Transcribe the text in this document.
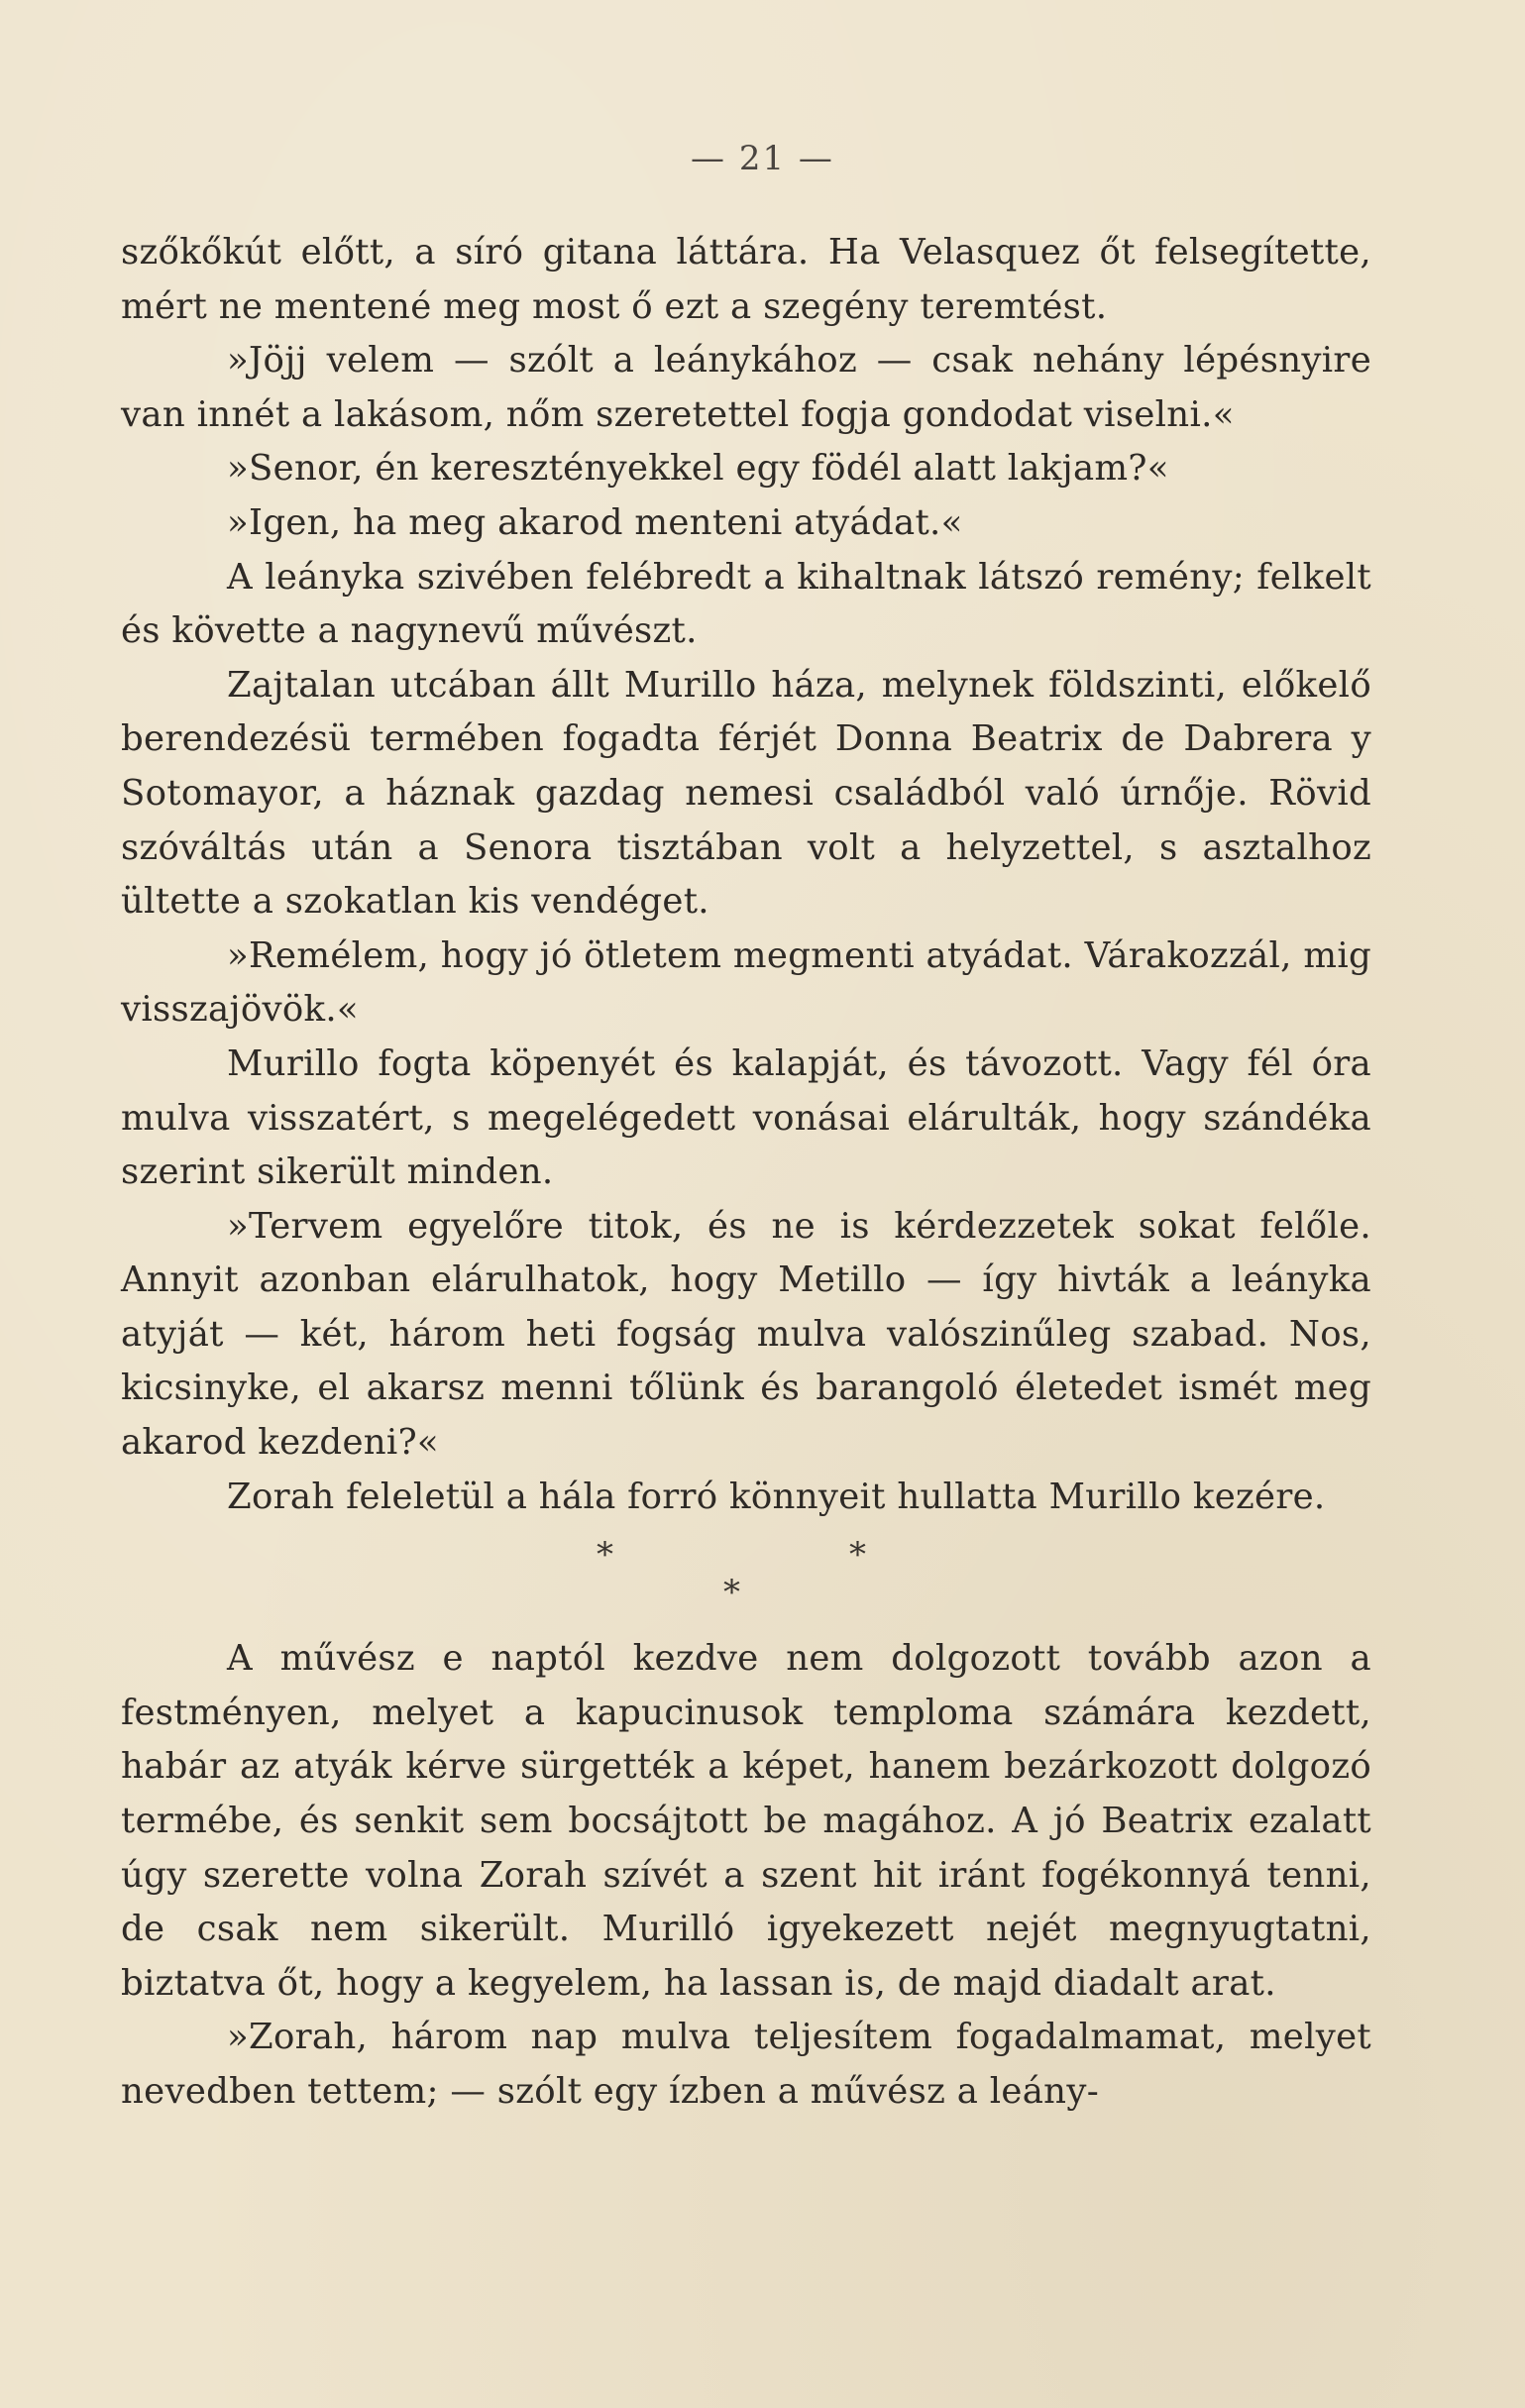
— 21 —

szőkőkút előtt, a síró gitana láttára. Ha Velasquez őt felsegítette, mért ne mentené meg most ő ezt a szegény teremtést.

»Jöjj velem — szólt a leánykához — csak nehány lépésnyire van innét a lakásom, nőm szeretettel fogja gondodat viselni.«

»Senor, én keresztényekkel egy födél alatt lakjam?«

»Igen, ha meg akarod menteni atyádat.«

A leányka szivében felébredt a kihaltnak látszó remény; felkelt és követte a nagynevű művészt.

Zajtalan utcában állt Murillo háza, melynek földszinti, előkelő berendezésü termében fogadta férjét Donna Beatrix de Dabrera y Sotomayor, a háznak gazdag nemesi családból való úrnője. Rövid szóváltás után a Senora tisztában volt a helyzettel, s asztalhoz ültette a szokatlan kis vendéget.

»Remélem, hogy jó ötletem megmenti atyádat. Várakozzál, mig visszajövök.«

Murillo fogta köpenyét és kalapját, és távozott. Vagy fél óra mulva visszatért, s megelégedett vonásai elárulták, hogy szándéka szerint sikerült minden.

»Tervem egyelőre titok, és ne is kérdezzetek sokat felőle. Annyit azonban elárulhatok, hogy Metillo — így hivták a leányka atyját — két, három heti fogság mulva valószinűleg szabad. Nos, kicsinyke, el akarsz menni tőlünk és barangoló életedet ismét meg akarod kezdeni?«

Zorah feleletül a hála forró könnyeit hullatta Murillo kezére.

*	*
*

A művész e naptól kezdve nem dolgozott tovább azon a festményen, melyet a kapucinusok temploma számára kezdett, habár az atyák kérve sürgették a képet, hanem bezárkozott dolgozó termébe, és senkit sem bocsájtott be magához. A jó Beatrix ezalatt úgy szerette volna Zorah szívét a szent hit iránt fogékonnyá tenni, de csak nem sikerült. Murilló igyekezett nejét megnyugtatni, biztatva őt, hogy a kegyelem, ha lassan is, de majd diadalt arat.

»Zorah, három nap mulva teljesítem fogadalmamat, melyet nevedben tettem; — szólt egy ízben a művész a leány-
